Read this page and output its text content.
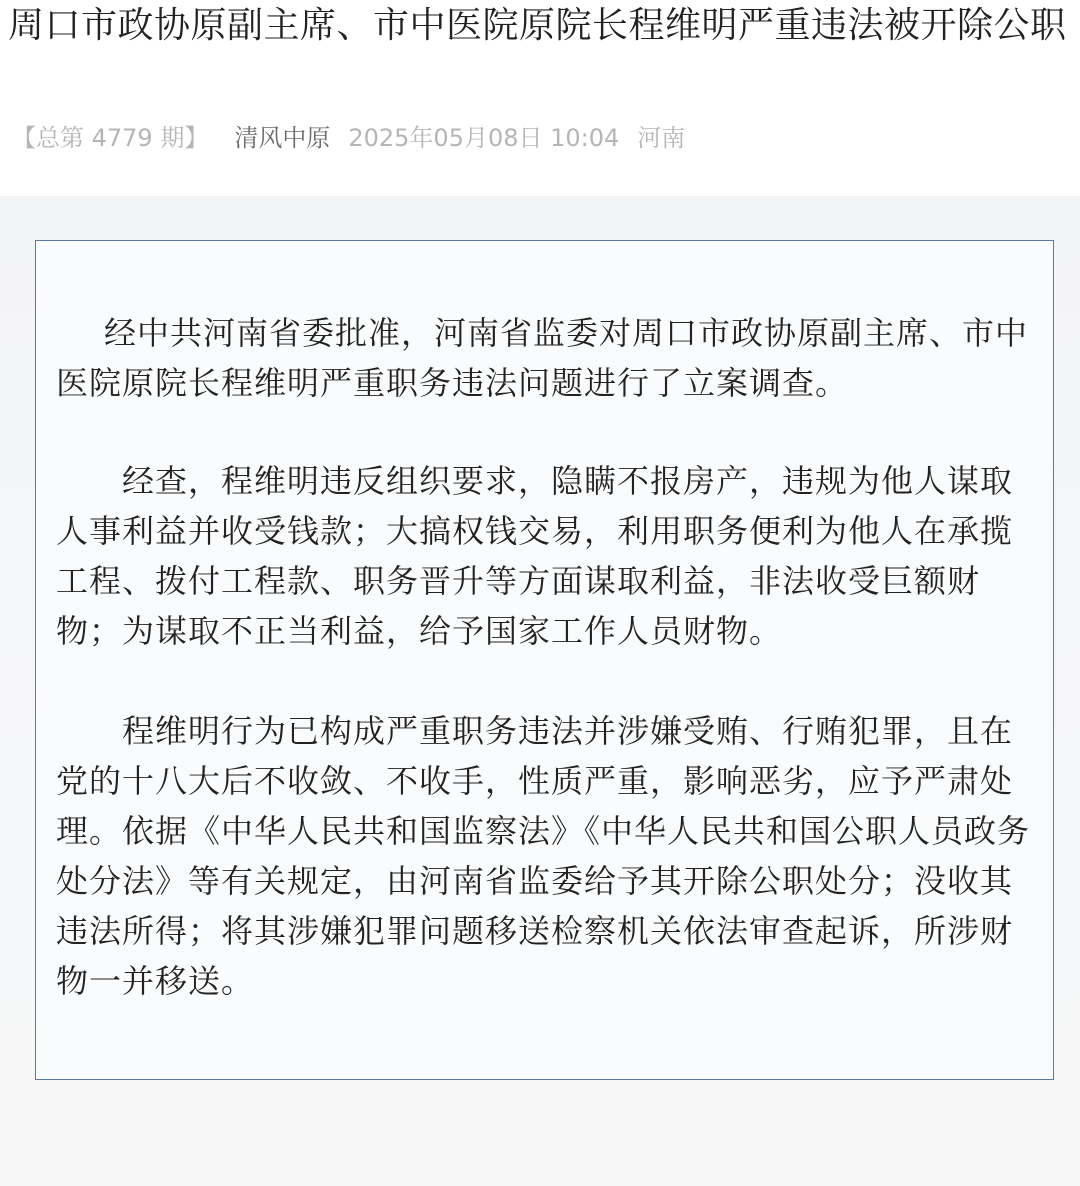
周口市政协原副主席、市中医院原院长程维明严重违法被开除公职
【总第 4779 期】 清风中原 2025年05月08日 10:04 河南

经中共河南省委批准，河南省监委对周口市政协原副主席、市中医院原院长程维明严重职务违法问题进行了立案调查。

经查，程维明违反组织要求，隐瞒不报房产，违规为他人谋取人事利益并收受钱款；大搞权钱交易，利用职务便利为他人在承揽工程、拨付工程款、职务晋升等方面谋取利益，非法收受巨额财物；为谋取不正当利益，给予国家工作人员财物。

程维明行为已构成严重职务违法并涉嫌受贿、行贿犯罪，且在党的十八大后不收敛、不收手，性质严重，影响恶劣，应予严肃处理。依据《中华人民共和国监察法》《中华人民共和国公职人员政务处分法》等有关规定，由河南省监委给予其开除公职处分；没收其违法所得；将其涉嫌犯罪问题移送检察机关依法审查起诉，所涉财物一并移送。
